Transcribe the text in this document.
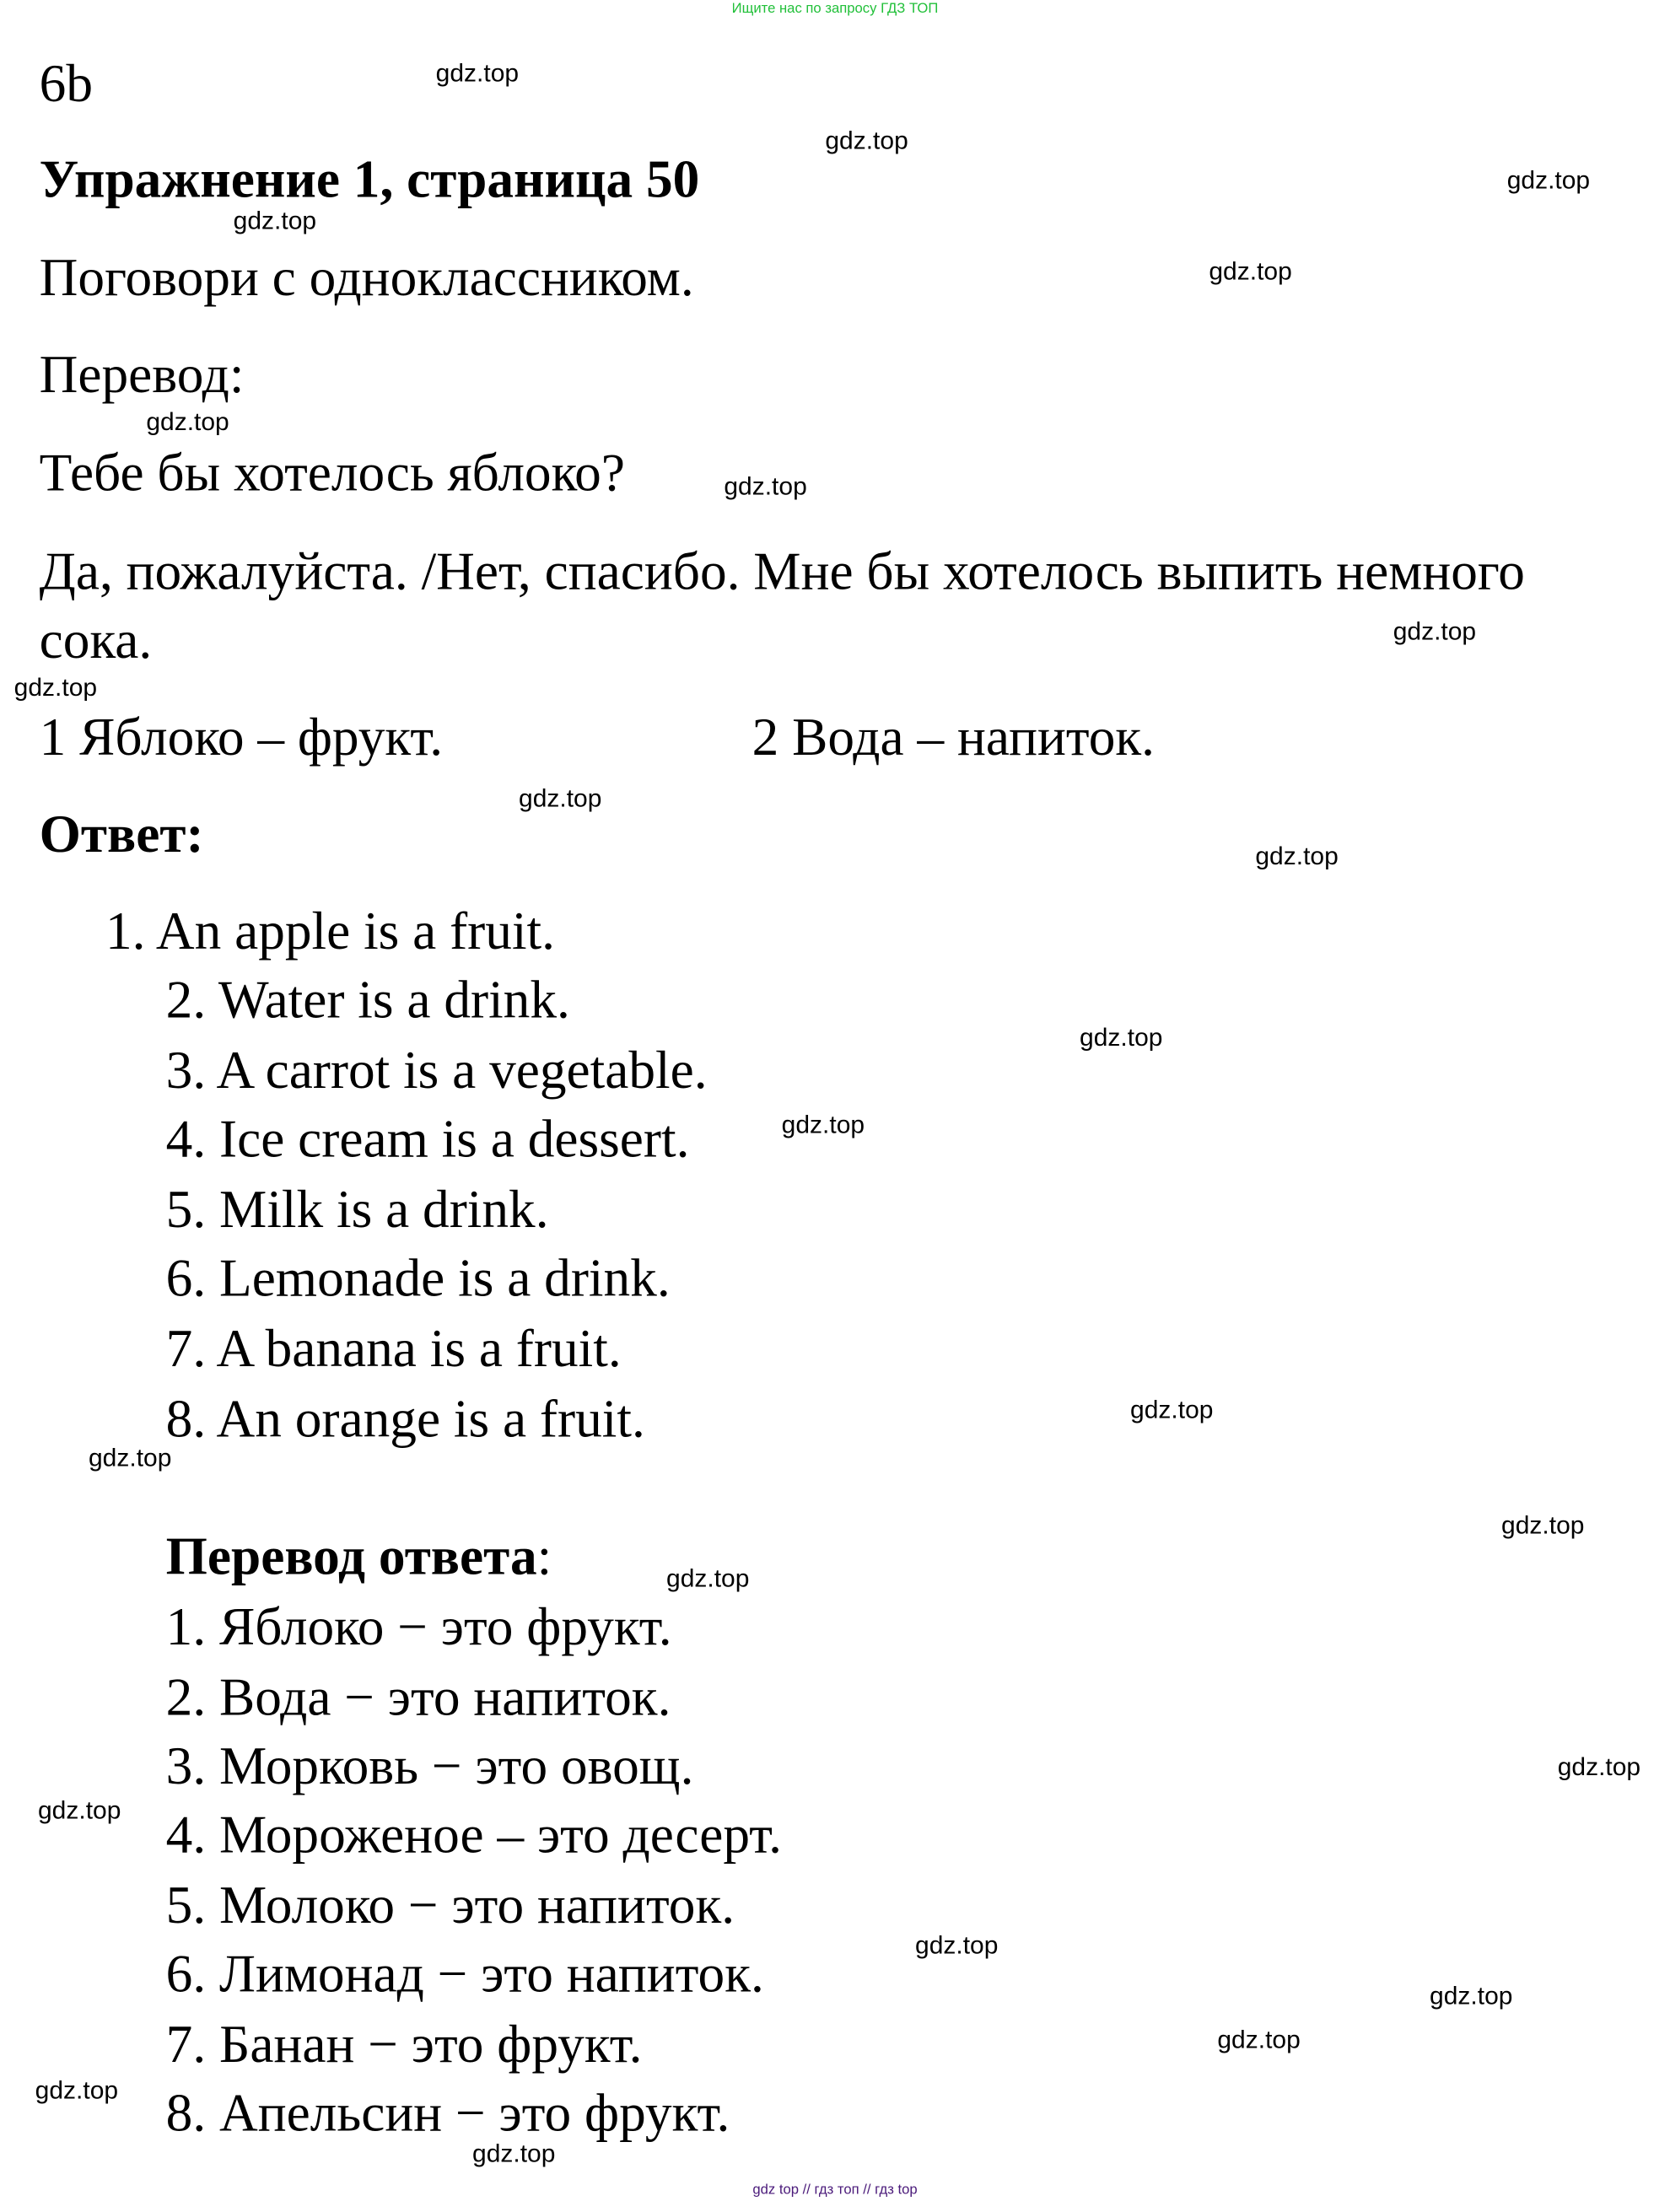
Ищите нас по запросу ГДЗ ТОП
6b
Упражнение 1, страница 50
Поговори с одноклассником.
Перевод:
Тебе бы хотелось яблоко?
Да, пожалуйста. /Нет, спасибо. Мне бы хотелось выпить немного
сока.
1 Яблоко – фрукт.	2 Вода – напиток.
Ответ:
1. An apple is a fruit.
2. Water is a drink.
3. A carrot is a vegetable.
4. Ice cream is a dessert.
5. Milk is a drink.
6. Lemonade is a drink.
7. A banana is a fruit.
8. An orange is a fruit.
Перевод ответа:
1. Яблоко − это фрукт.
2. Вода − это напиток.
3. Морковь − это овощ.
4. Мороженое – это десерт.
5. Молоко − это напиток.
6. Лимонад − это напиток.
7. Банан − это фрукт.
8. Апельсин − это фрукт.
gdz.top
gdz.top
gdz.top
gdz.top
gdz.top
gdz.top
gdz.top
gdz.top
gdz.top
gdz.top
gdz.top
gdz.top
gdz.top
gdz.top
gdz.top
gdz.top
gdz.top
gdz.top
gdz.top
gdz.top
gdz.top
gdz.top
gdz.top
gdz.top
gdz top // гдз топ // гдз top
